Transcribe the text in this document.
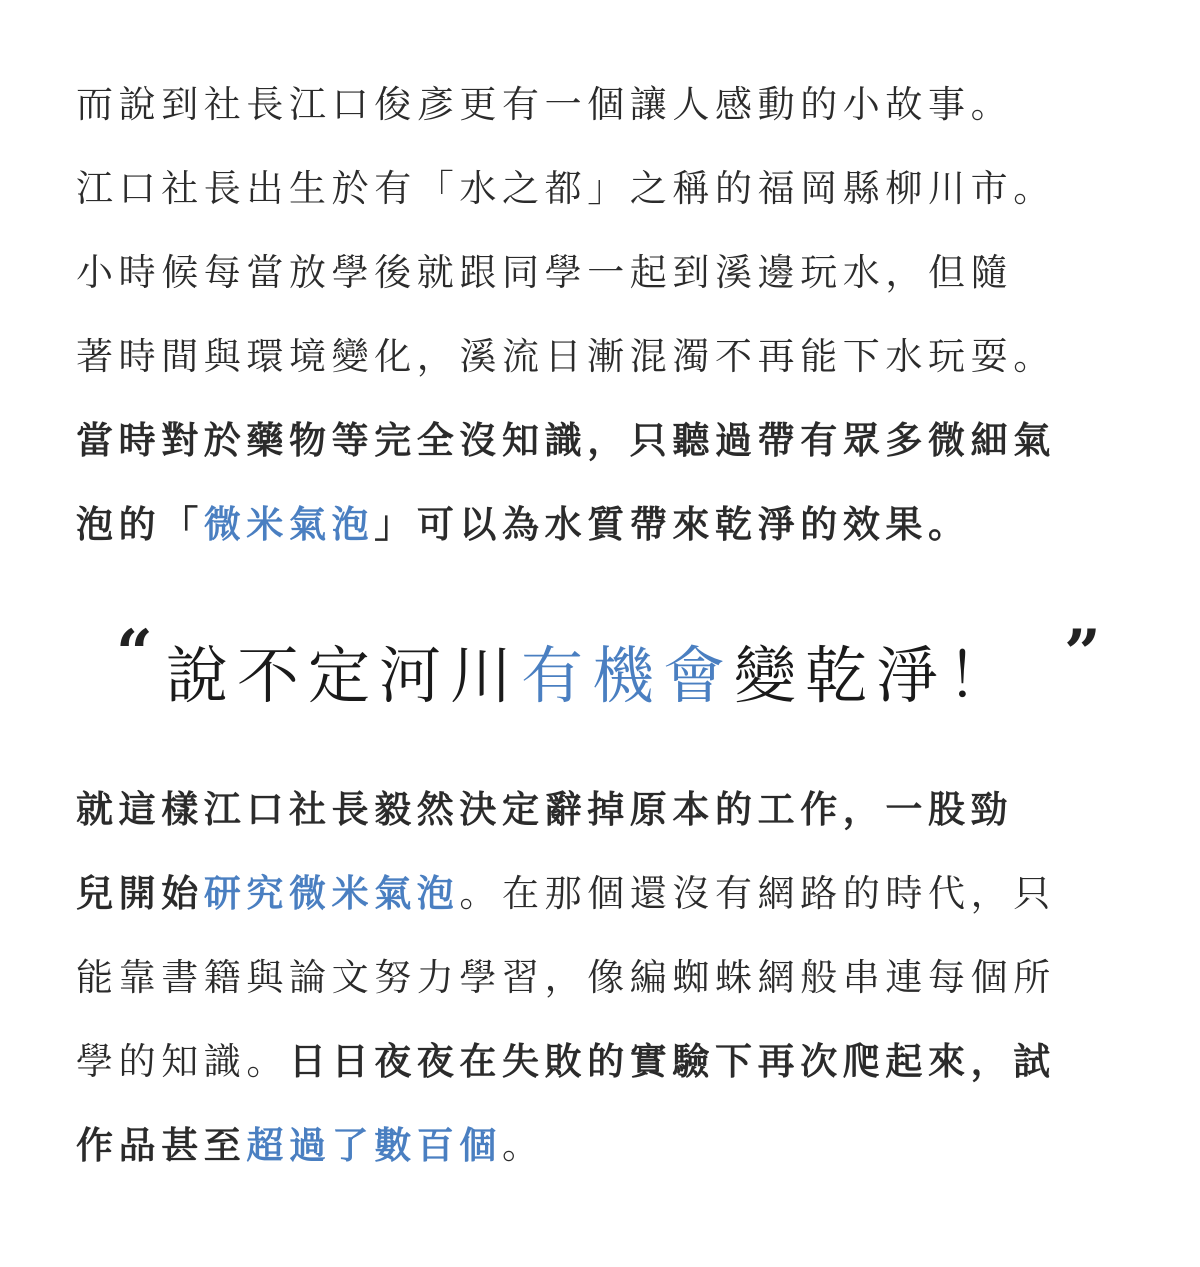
而說到社長江口俊彥更有一個讓人感動的小故事。
江口社長出生於有「水之都」之稱的福岡縣柳川市。
小時候每當放學後就跟同學一起到溪邊玩水，但隨
著時間與環境變化，溪流日漸混濁不再能下水玩耍。
當時對於藥物等完全沒知識，只聽過帶有眾多微細氣
泡的「微米氣泡」可以為水質帶來乾淨的效果。
“ 說不定河川有機會變乾淨！ ”
就這樣江口社長毅然決定辭掉原本的工作，一股勁
兒開始研究微米氣泡。在那個還沒有網路的時代，只
能靠書籍與論文努力學習，像編蜘蛛網般串連每個所
學的知識。日日夜夜在失敗的實驗下再次爬起來，試
作品甚至超過了數百個。
